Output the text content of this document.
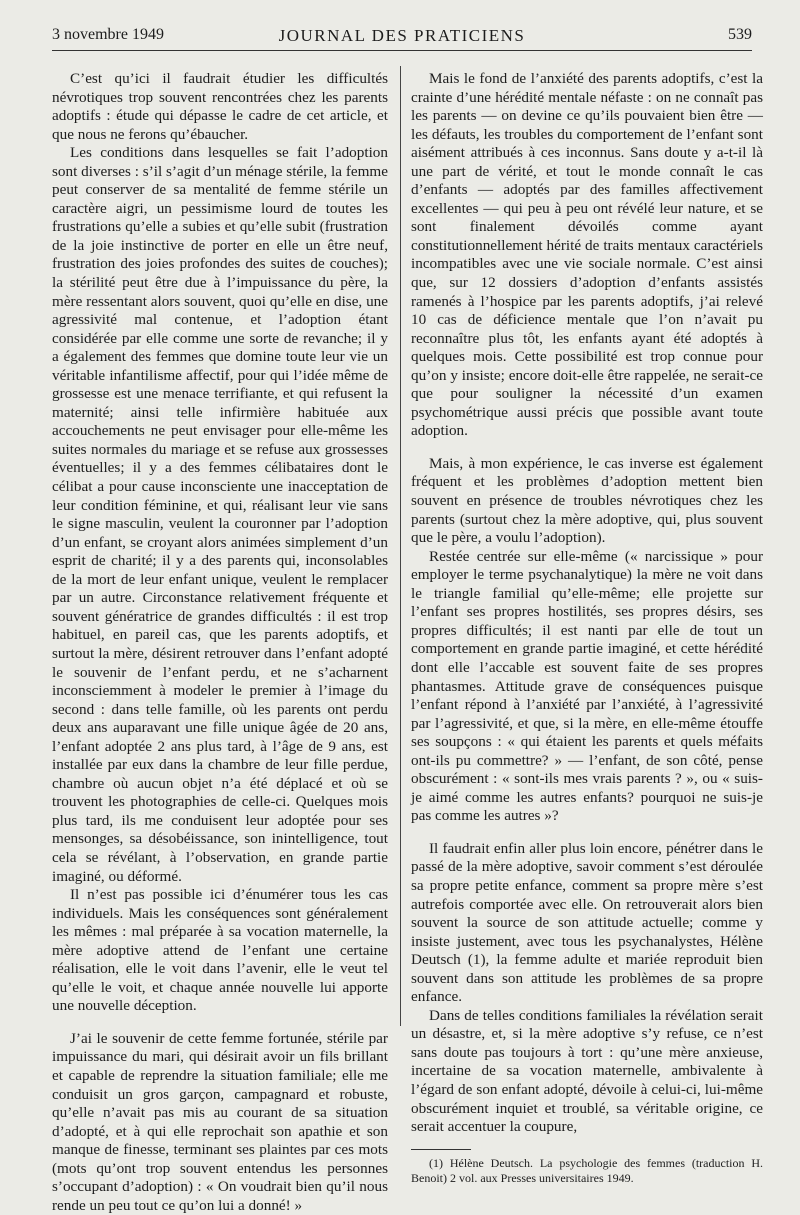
3 novembre 1949	JOURNAL DES PRATICIENS	539

C’est qu’ici il faudrait étudier les difficultés névrotiques trop souvent rencontrées chez les parents adoptifs : étude qui dépasse le cadre de cet article, et que nous ne ferons qu’ébaucher.

Les conditions dans lesquelles se fait l’adoption sont diverses : s’il s’agit d’un ménage stérile, la femme peut conserver de sa mentalité de femme stérile un caractère aigri, un pessimisme lourd de toutes les frustrations qu’elle a subies et qu’elle subit (frustration de la joie instinctive de porter en elle un être neuf, frustration des joies profondes des suites de couches); la stérilité peut être due à l’impuissance du père, la mère ressentant alors souvent, quoi qu’elle en dise, une agressivité mal contenue, et l’adoption étant considérée par elle comme une sorte de revanche; il y a également des femmes que domine toute leur vie un véritable infantilisme affectif, pour qui l’idée même de grossesse est une menace terrifiante, et qui refusent la maternité; ainsi telle infirmière habituée aux accouchements ne peut envisager pour elle-même les suites normales du mariage et se refuse aux grossesses éventuelles; il y a des femmes célibataires dont le célibat a pour cause inconsciente une inacceptation de leur condition féminine, et qui, réalisant leur vie sans le signe masculin, veulent la couronner par l’adoption d’un enfant, se croyant alors animées simplement d’un esprit de charité; il y a des parents qui, inconsolables de la mort de leur enfant unique, veulent le remplacer par un autre. Circonstance relativement fréquente et souvent génératrice de grandes difficultés : il est trop habituel, en pareil cas, que les parents adoptifs, et surtout la mère, désirent retrouver dans l’enfant adopté le souvenir de l’enfant perdu, et ne s’acharnent inconsciemment à modeler le premier à l’image du second : dans telle famille, où les parents ont perdu deux ans auparavant une fille unique âgée de 20 ans, l’enfant adoptée 2 ans plus tard, à l’âge de 9 ans, est installée par eux dans la chambre de leur fille perdue, chambre où aucun objet n’a été déplacé et où se trouvent les photographies de celle-ci. Quelques mois plus tard, ils me conduisent leur adoptée pour ses mensonges, sa désobéissance, son inintelligence, tout cela se révélant, à l’observation, en grande partie imaginé, ou déformé.

Il n’est pas possible ici d’énumérer tous les cas individuels. Mais les conséquences sont généralement les mêmes : mal préparée à sa vocation maternelle, la mère adoptive attend de l’enfant une certaine réalisation, elle le voit dans l’avenir, elle le veut tel qu’elle le voit, et chaque année nouvelle lui apporte une nouvelle déception.

J’ai le souvenir de cette femme fortunée, stérile par impuissance du mari, qui désirait avoir un fils brillant et capable de reprendre la situation familiale; elle me conduisit un gros garçon, campagnard et robuste, qu’elle n’avait pas mis au courant de sa situation d’adopté, et à qui elle reprochait son apathie et son manque de finesse, terminant ses plaintes par ces mots (mots qu’ont trop souvent entendus les personnes s’occupant d’adoption) : « On voudrait bien qu’il nous rende un peu tout ce qu’on lui a donné! »

Mais le fond de l’anxiété des parents adoptifs, c’est la crainte d’une hérédité mentale néfaste : on ne connaît pas les parents — on devine ce qu’ils pouvaient bien être — les défauts, les troubles du comportement de l’enfant sont aisément attribués à ces inconnus. Sans doute y a-t-il là une part de vérité, et tout le monde connaît le cas d’enfants — adoptés par des familles affectivement excellentes — qui peu à peu ont révélé leur nature, et se sont finalement dévoilés comme ayant constitutionnellement hérité de traits mentaux caractériels incompatibles avec une vie sociale normale. C’est ainsi que, sur 12 dossiers d’adoption d’enfants assistés ramenés à l’hospice par les parents adoptifs, j’ai relevé 10 cas de déficience mentale que l’on n’avait pu reconnaître plus tôt, les enfants ayant été adoptés à quelques mois. Cette possibilité est trop connue pour qu’on y insiste; encore doit-elle être rappelée, ne serait-ce que pour souligner la nécessité d’un examen psychométrique aussi précis que possible avant toute adoption.

Mais, à mon expérience, le cas inverse est également fréquent et les problèmes d’adoption mettent bien souvent en présence de troubles névrotiques chez les parents (surtout chez la mère adoptive, qui, plus souvent que le père, a voulu l’adoption).

Restée centrée sur elle-même (« narcissique » pour employer le terme psychanalytique) la mère ne voit dans le triangle familial qu’elle-même; elle projette sur l’enfant ses propres hostilités, ses propres désirs, ses propres difficultés; il est nanti par elle de tout un comportement en grande partie imaginé, et cette hérédité dont elle l’accable est souvent faite de ses propres phantasmes. Attitude grave de conséquences puisque l’enfant répond à l’anxiété par l’anxiété, à l’agressivité par l’agressivité, et que, si la mère, en elle-même étouffe ses soupçons : « qui étaient les parents et quels méfaits ont-ils pu commettre? » — l’enfant, de son côté, pense obscurément : « sont-ils mes vrais parents ? », ou « suis-je aimé comme les autres enfants? pourquoi ne suis-je pas comme les autres »?

Il faudrait enfin aller plus loin encore, pénétrer dans le passé de la mère adoptive, savoir comment s’est déroulée sa propre petite enfance, comment sa propre mère s’est autrefois comportée avec elle. On retrouverait alors bien souvent la source de son attitude actuelle; comme y insiste justement, avec tous les psychanalystes, Hélène Deutsch (1), la femme adulte et mariée reproduit bien souvent dans son attitude les problèmes de sa propre enfance.

Dans de telles conditions familiales la révélation serait un désastre, et, si la mère adoptive s’y refuse, ce n’est sans doute pas toujours à tort : qu’une mère anxieuse, incertaine de sa vocation maternelle, ambivalente à l’égard de son enfant adopté, dévoile à celui-ci, lui-même obscurément inquiet et troublé, sa véritable origine, ce serait accentuer la coupure,

(1) Hélène Deutsch. La psychologie des femmes (traduction H. Benoit) 2 vol. aux Presses universitaires 1949.
